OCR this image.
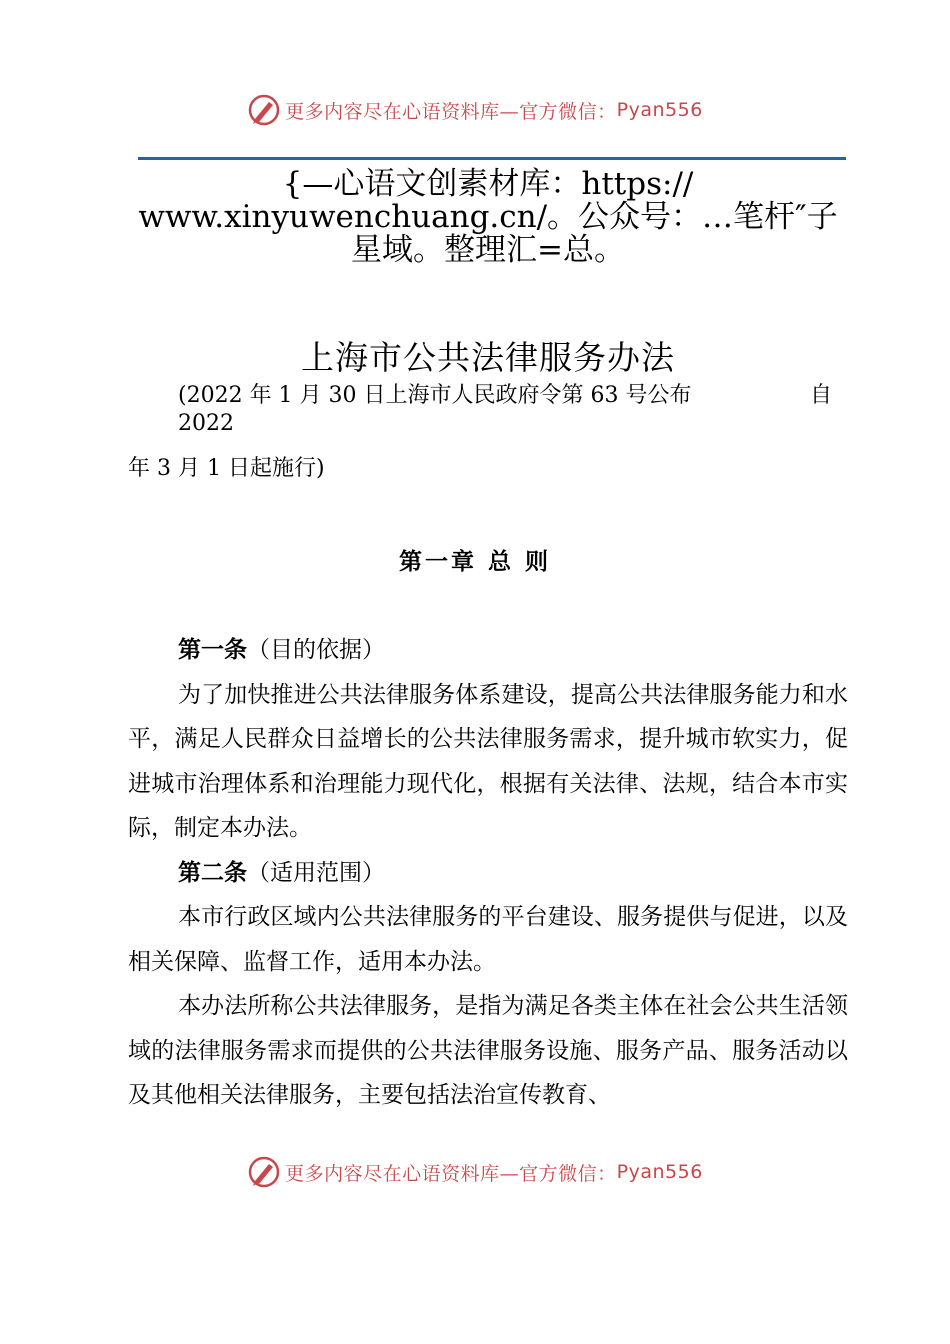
更多内容尽在心语资料库—官方微信： Pyan556
{—心语文创素材库：https://
www.xinyuwenchuang.cn/。公众号：…笔杆″子
星域。整理汇=总。
上海市公共法律服务办法
(2022 年 1 月 30 日上海市人民政府令第 63 号公布	自
2022
年 3 月 1 日起施行)
第一章 总 则

第一条（目的依据）

为了加快推进公共法律服务体系建设，提高公共法律服务能力和水平，满足人民群众日益增长的公共法律服务需求，提升城市软实力，促进城市治理体系和治理能力现代化，根据有关法律、法规，结合本市实际，制定本办法。

第二条（适用范围）

本市行政区域内公共法律服务的平台建设、服务提供与促进，以及相关保障、监督工作，适用本办法。

本办法所称公共法律服务，是指为满足各类主体在社会公共生活领域的法律服务需求而提供的公共法律服务设施、服务产品、服务活动以及其他相关法律服务，主要包括法治宣传教育、

更多内容尽在心语资料库—官方微信： Pyan556
